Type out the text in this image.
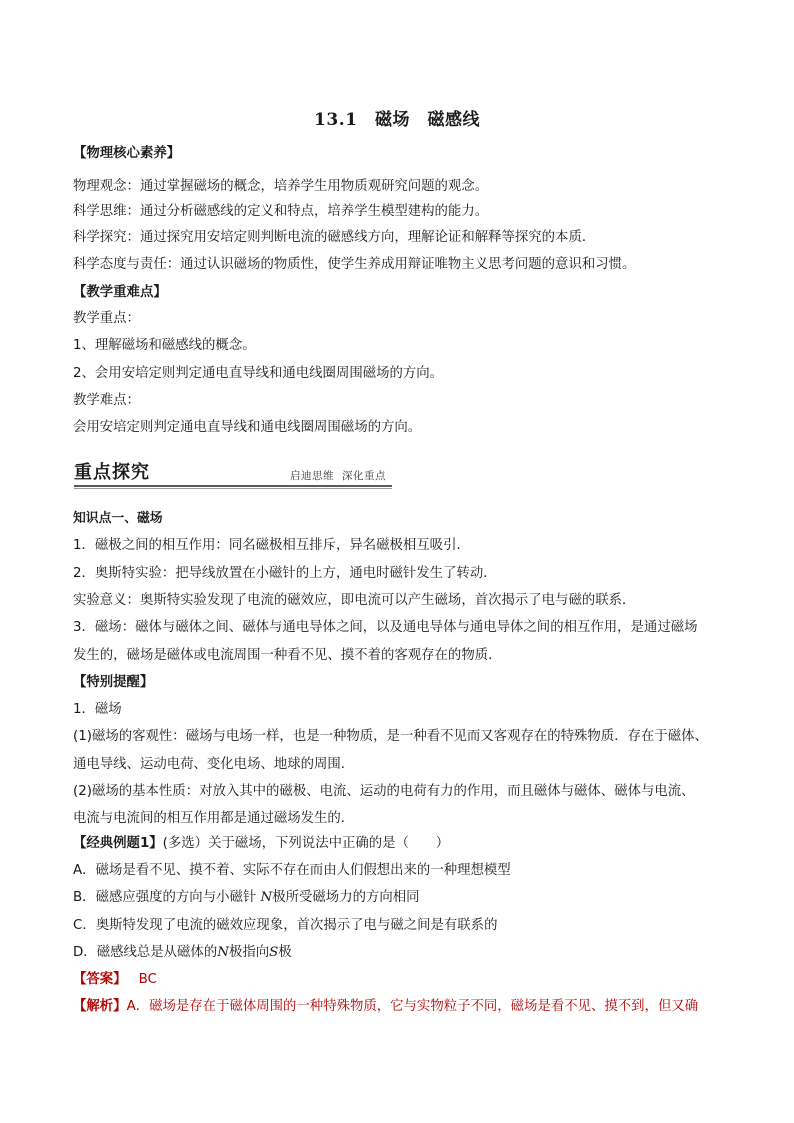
13.1　磁场　磁感线
【物理核心素养】
物理观念：通过掌握磁场的概念，培养学生用物质观研究问题的观念。
科学思维：通过分析磁感线的定义和特点，培养学生模型建构的能力。
科学探究：通过探究用安培定则判断电流的磁感线方向，理解论证和解释等探究的本质．
科学态度与责任：通过认识磁场的物质性，使学生养成用辩证唯物主义思考问题的意识和习惯。
【教学重难点】
教学重点：
1、理解磁场和磁感线的概念。
2、会用安培定则判定通电直导线和通电线圈周围磁场的方向。
教学难点：
会用安培定则判定通电直导线和通电线圈周围磁场的方向。
重点探究	启迪思维 深化重点
知识点一、磁场
1．磁极之间的相互作用：同名磁极相互排斥，异名磁极相互吸引．
2．奥斯特实验：把导线放置在小磁针的上方，通电时磁针发生了转动．
实验意义：奥斯特实验发现了电流的磁效应，即电流可以产生磁场，首次揭示了电与磁的联系．
3．磁场：磁体与磁体之间、磁体与通电导体之间，以及通电导体与通电导体之间的相互作用，是通过磁场
发生的，磁场是磁体或电流周围一种看不见、摸不着的客观存在的物质．
【特别提醒】
1．磁场
(1)磁场的客观性：磁场与电场一样，也是一种物质，是一种看不见而又客观存在的特殊物质．存在于磁体、
通电导线、运动电荷、变化电场、地球的周围．
(2)磁场的基本性质：对放入其中的磁极、电流、运动的电荷有力的作用，而且磁体与磁体、磁体与电流、
电流与电流间的相互作用都是通过磁场发生的．
【经典例题1】(多选）关于磁场，下列说法中正确的是（　　）
A．磁场是看不见、摸不着、实际不存在而由人们假想出来的一种理想模型
B．磁感应强度的方向与小磁针 N极所受磁场力的方向相同
C．奥斯特发现了电流的磁效应现象，首次揭示了电与磁之间是有联系的
D．磁感线总是从磁体的N极指向S极
【答案】 BC
【解析】A．磁场是存在于磁体周围的一种特殊物质，它与实物粒子不同，磁场是看不见、摸不到，但又确
